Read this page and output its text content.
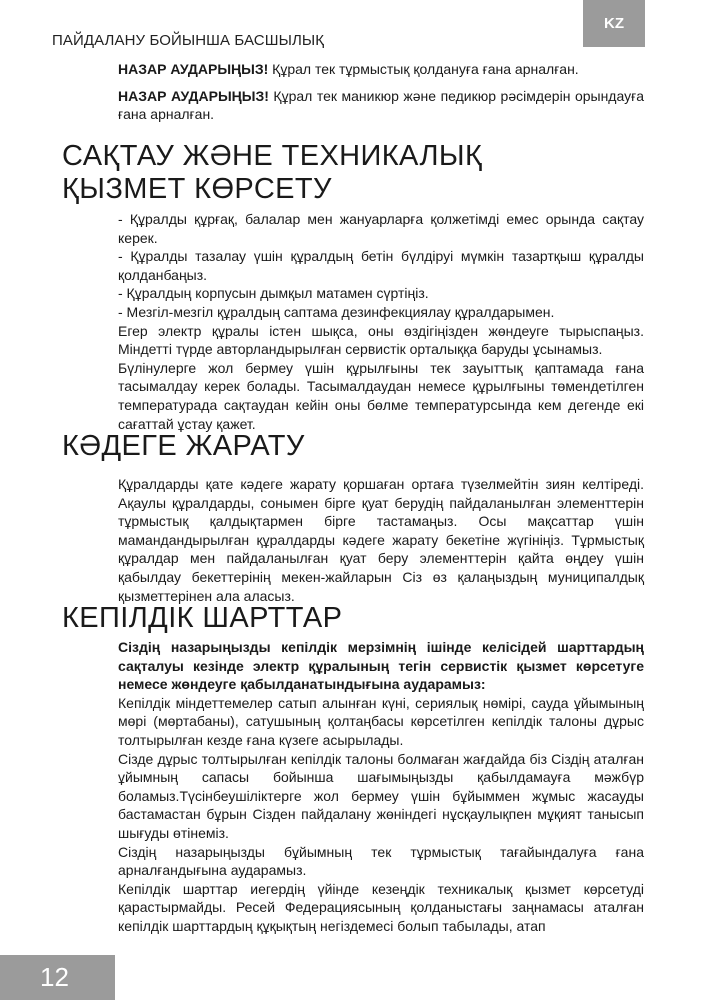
KZ
ПАЙДАЛАНУ БОЙЫНША БАСШЫЛЫҚ

НАЗАР АУДАРЫҢЫЗ! Құрал тек тұрмыстық қолдануға ғана арналған.

НАЗАР АУДАРЫҢЫЗ! Құрал тек маникюр және педикюр рәсімдерін орындауға ғана арналған.

САҚТАУ ЖӘНЕ ТЕХНИКАЛЫҚ
ҚЫЗМЕТ КӨРСЕТУ

- Құралды құрғақ, балалар мен жануарларға қолжетімді емес орында сақтау керек.

- Құралды тазалау үшін құралдың бетін бүлдіруі мүмкін тазартқыш құралды қолданбаңыз.

- Құралдың корпусын дымқыл матамен сүртіңіз.

- Мезгіл-мезгіл құралдың саптама дезинфекциялау құралдарымен.

Егер электр құралы істен шықса, оны өздігіңізден жөндеуге тырыспаңыз. Міндетті түрде авторландырылған сервистік орталыққа баруды ұсынамыз.

Бүлінулерге жол бермеу үшін құрылғыны тек зауыттық қаптамада ғана тасымалдау керек болады. Тасымалдаудан немесе құрылғыны төмендетілген температурада сақтаудан кейін оны бөлме температурсында кем дегенде екі сағаттай ұстау қажет.

КӘДЕГЕ ЖАРАТУ

Құралдарды қате кәдеге жарату қоршаған ортаға түзелмейтін зиян келтіреді. Ақаулы құралдарды, сонымен бірге қуат берудің пайдаланылған элементтерін тұрмыстық қалдықтармен бірге тастамаңыз. Осы мақсаттар үшін мамандандырылған құралдарды кәдеге жарату бекетіне жүгініңіз. Тұрмыстық құралдар мен пайдаланылған қуат беру элементтерін қайта өңдеу үшін қабылдау бекеттерінің мекен-жайларын Сіз өз қалаңыздың муниципалдық қызметтерінен ала аласыз.

КЕПІЛДІК ШАРТТАР

Сіздің назарыңызды кепілдік мерзімнің ішінде келісідей шарттардың сақталуы кезінде электр құралының тегін сервистік қызмет көрсетуге немесе жөндеуге қабылданатындығына аударамыз:

Кепілдік міндеттемелер сатып алынған күні, сериялық нөмірі, сауда ұйымының мөрі (мөртабаны), сатушының қолтаңбасы көрсетілген кепілдік талоны дұрыс толтырылған кезде ғана күзеге асырылады.

Сізде дұрыс толтырылған кепілдік талоны болмаған жағдайда біз Сіздің аталған ұйымның сапасы бойынша шағымыңызды қабылдамауға мәжбүр боламыз.Түсінбеушіліктерге жол бермеу үшін бұйыммен жұмыс жасауды бастамастан бұрын Сізден пайдалану жөніндегі нұсқаулықпен мұқият танысып шығуды өтінеміз.

Сіздің назарыңызды бұйымның тек тұрмыстық тағайындалуға ғана арналғандығына аударамыз.

Кепілдік шарттар иегердің үйінде кезеңдік техникалық қызмет көрсетуді қарастырмайды. Ресей Федерациясының қолданыстағы заңнамасы аталған кепілдік шарттардың құқықтың негіздемесі болып табылады, атап

12
